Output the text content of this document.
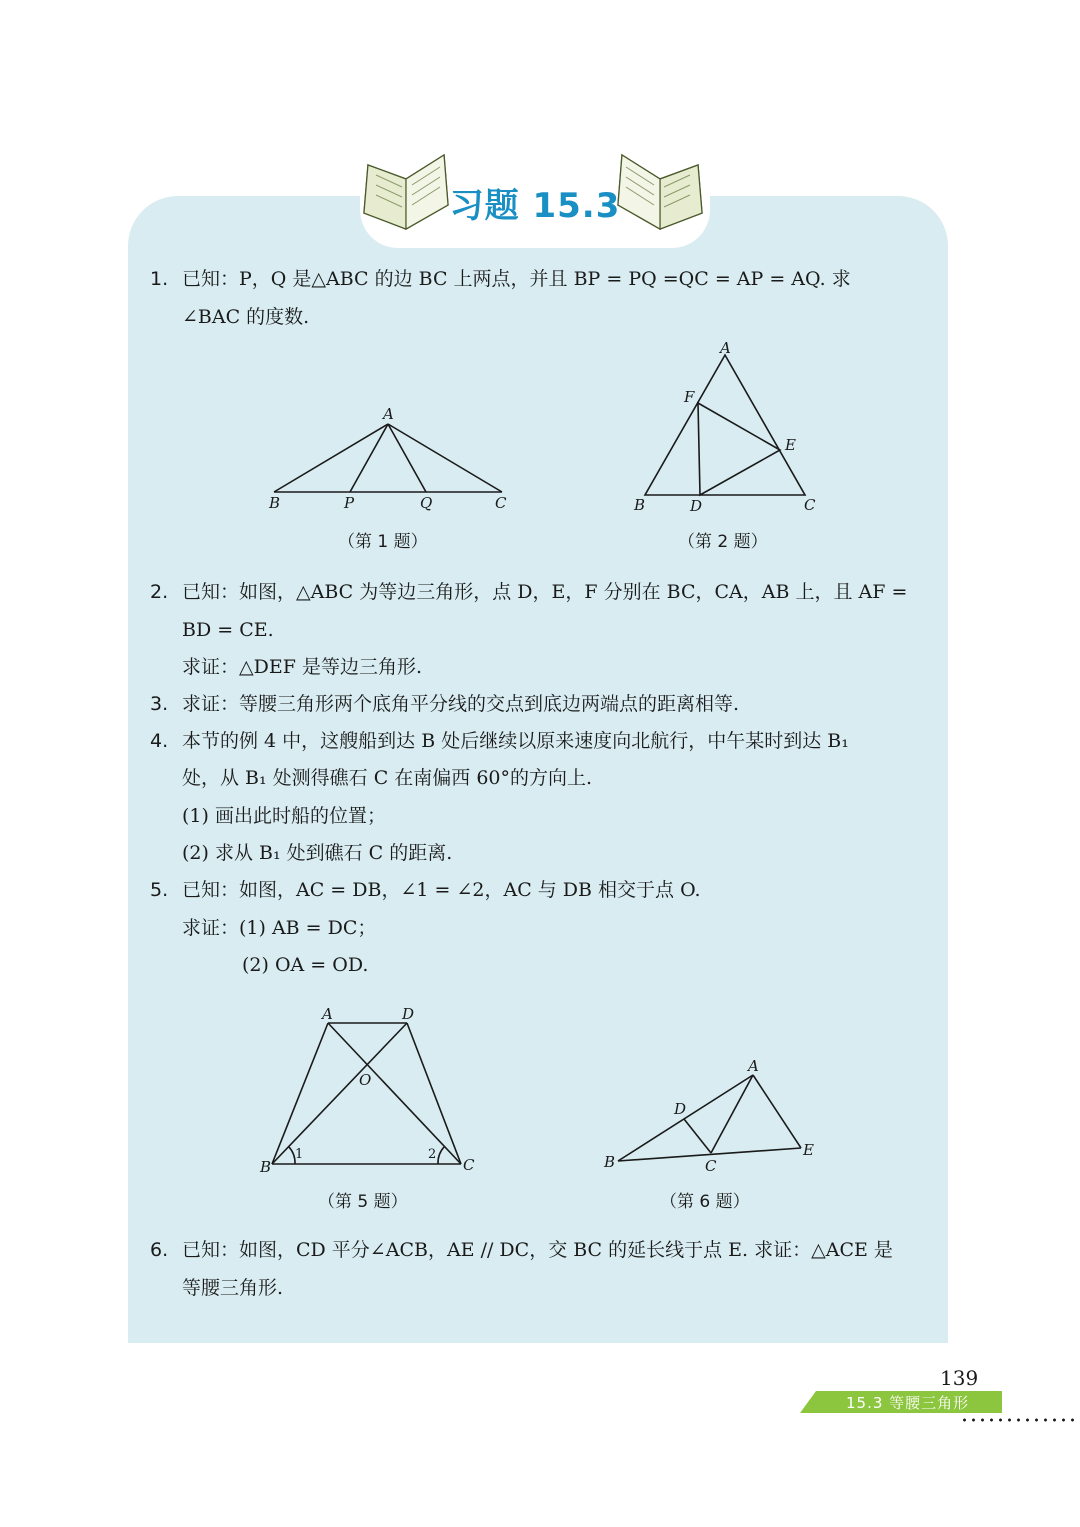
习题 15.3
1. 已知：P，Q 是△ABC 的边 BC 上两点，并且 BP = PQ =QC = AP = AQ. 求
∠BAC 的度数.
A
B	P	Q	C
（第 1 题）
A
F
E
B	D	C
（第 2 题）
2. 已知：如图，△ABC 为等边三角形，点 D，E，F 分别在 BC，CA，AB 上，且 AF =
BD = CE.
求证：△DEF 是等边三角形.
3. 求证：等腰三角形两个底角平分线的交点到底边两端点的距离相等.
4. 本节的例 4 中，这艘船到达 B 处后继续以原来速度向北航行，中午某时到达 B₁
处，从 B₁ 处测得礁石 C 在南偏西 60°的方向上.
(1) 画出此时船的位置；
(2) 求从 B₁ 处到礁石 C 的距离.
5. 已知：如图，AC = DB，∠1 = ∠2，AC 与 DB 相交于点 O.
求证：(1) AB = DC；
(2) OA = OD.
A	D
O
B	C
1	2
（第 5 题）
A
D
B	C
E
（第 6 题）
6. 已知：如图，CD 平分∠ACB，AE // DC，交 BC 的延长线于点 E. 求证：△ACE 是
等腰三角形.
139
15.3 等腰三角形
